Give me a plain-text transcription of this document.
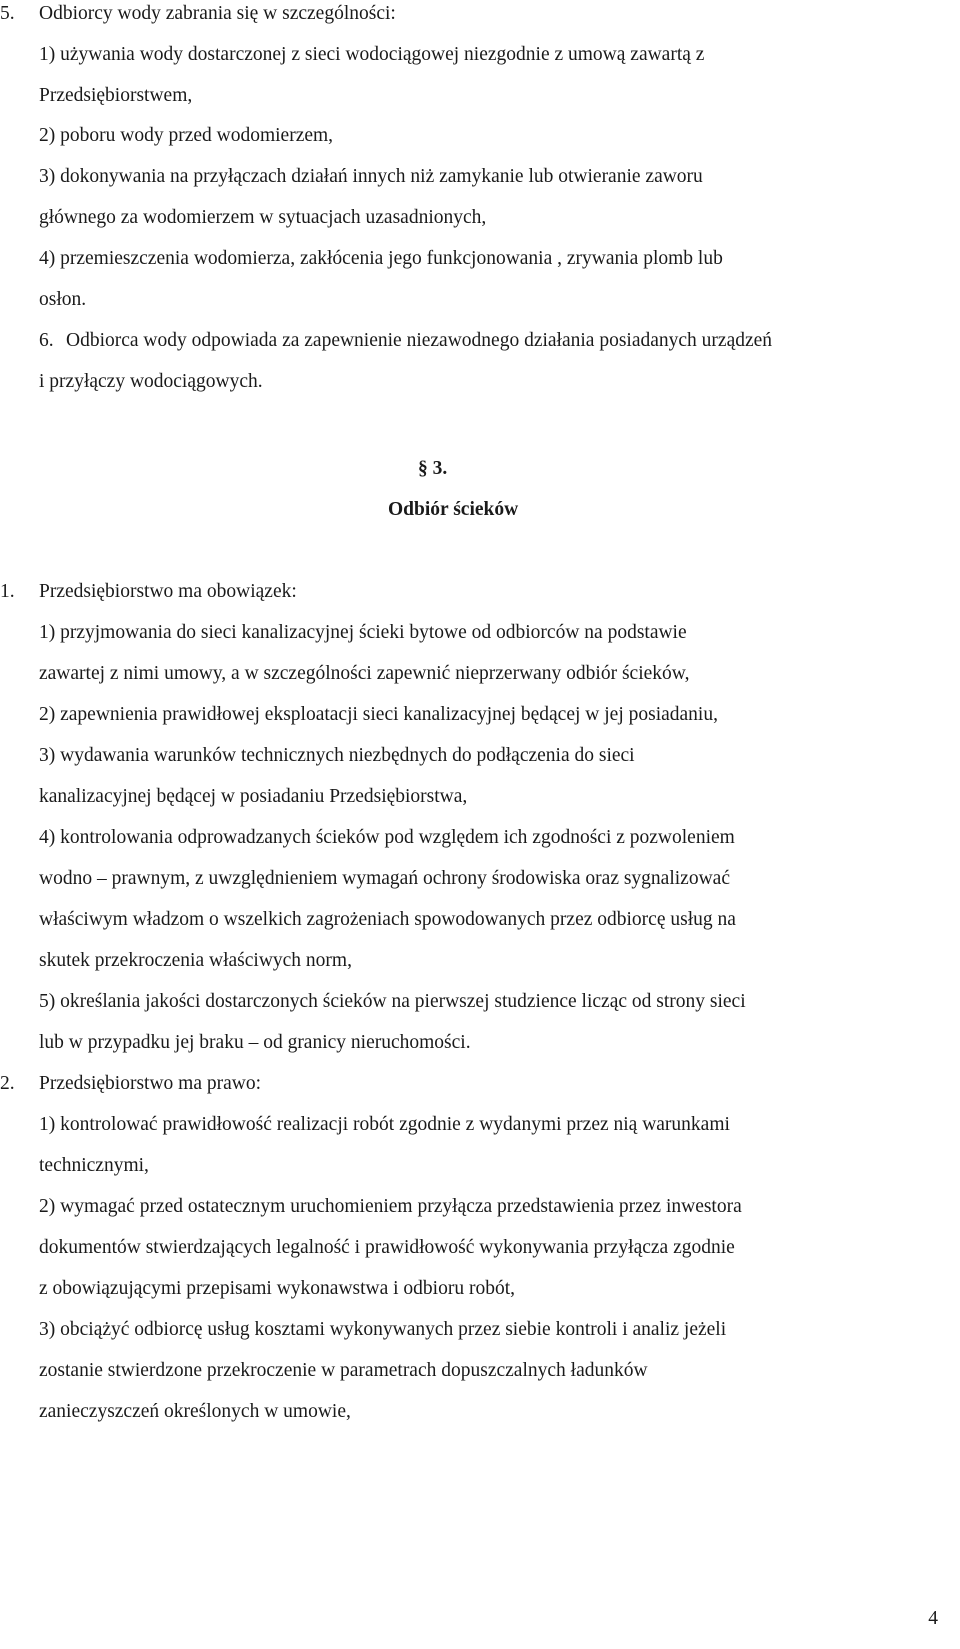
5. Odbiorcy wody zabrania się w szczególności:
1) używania wody dostarczonej z sieci wodociągowej niezgodnie z umową zawartą z
Przedsiębiorstwem,
2) poboru wody przed wodomierzem,
3) dokonywania na przyłączach działań innych niż zamykanie lub otwieranie zaworu
głównego za wodomierzem w sytuacjach uzasadnionych,
4) przemieszczenia wodomierza, zakłócenia jego funkcjonowania , zrywania plomb lub
osłon.
6. Odbiorca wody odpowiada za zapewnienie niezawodnego działania posiadanych urządzeń
i przyłączy wodociągowych.
§ 3.
Odbiór ścieków
1. Przedsiębiorstwo ma obowiązek:
1) przyjmowania do sieci kanalizacyjnej ścieki bytowe od odbiorców na podstawie
zawartej z nimi umowy, a w szczególności zapewnić nieprzerwany odbiór ścieków,
2) zapewnienia prawidłowej eksploatacji sieci kanalizacyjnej będącej w jej posiadaniu,
3) wydawania warunków technicznych niezbędnych do podłączenia do sieci
kanalizacyjnej będącej w posiadaniu Przedsiębiorstwa,
4) kontrolowania odprowadzanych ścieków pod względem ich zgodności z pozwoleniem
wodno – prawnym, z uwzględnieniem wymagań ochrony środowiska oraz sygnalizować
właściwym władzom o wszelkich zagrożeniach spowodowanych przez odbiorcę usług na
skutek przekroczenia właściwych norm,
5) określania jakości dostarczonych ścieków na pierwszej studzience licząc od strony sieci
lub w przypadku jej braku – od granicy nieruchomości.
2. Przedsiębiorstwo ma prawo:
1) kontrolować prawidłowość realizacji robót zgodnie z wydanymi przez nią warunkami
technicznymi,
2) wymagać przed ostatecznym uruchomieniem przyłącza przedstawienia przez inwestora
dokumentów stwierdzających legalność i prawidłowość wykonywania przyłącza zgodnie
z obowiązującymi przepisami wykonawstwa i odbioru robót,
3) obciążyć odbiorcę usług kosztami wykonywanych przez siebie kontroli i analiz jeżeli
zostanie stwierdzone przekroczenie w parametrach dopuszczalnych ładunków
zanieczyszczeń określonych w umowie,
4
